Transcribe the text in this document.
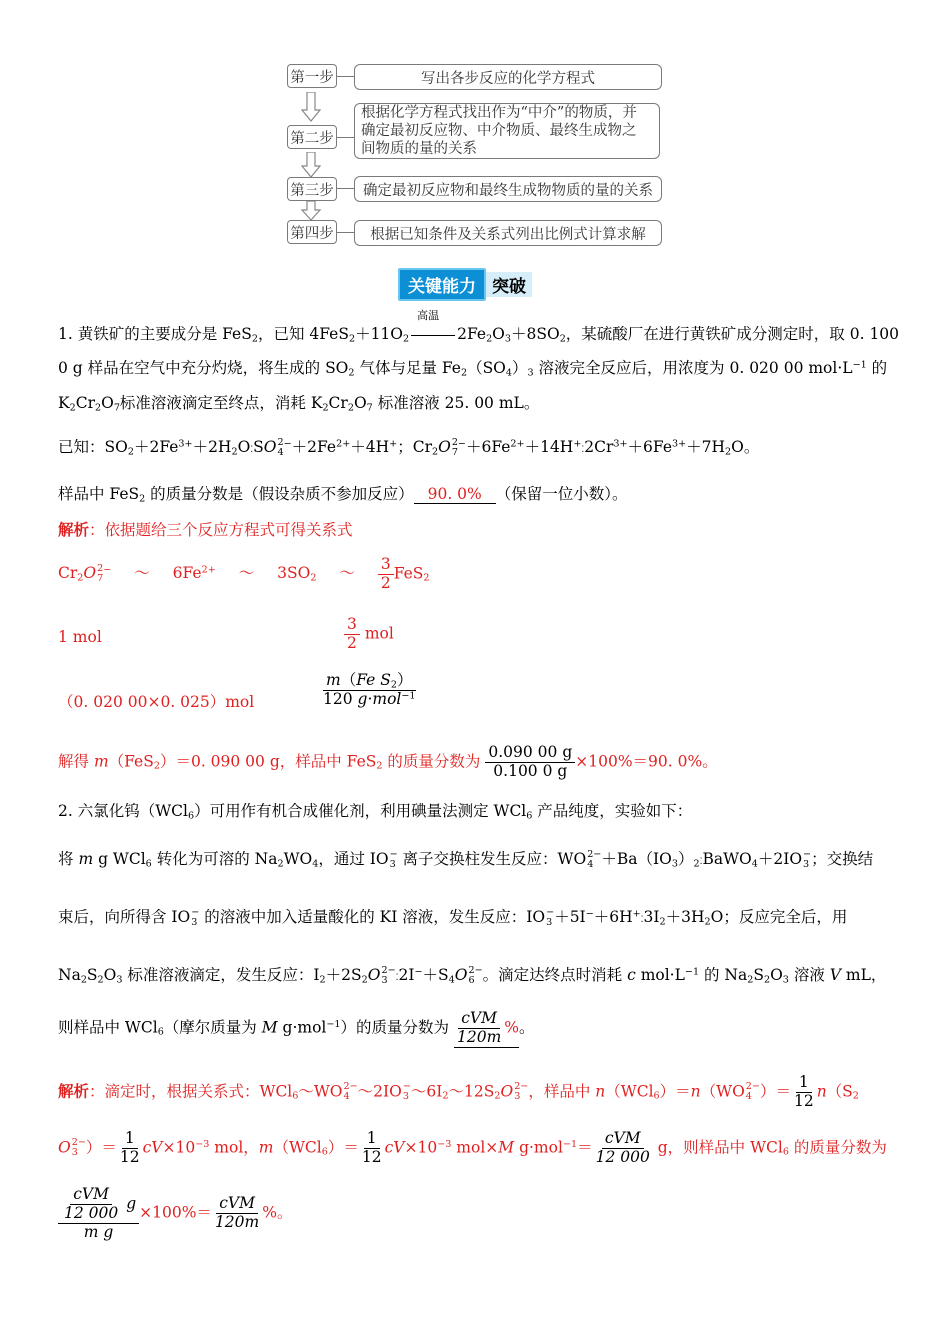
第一步	写出各步反应的化学方程式
第二步
根据化学方程式找出作为“中介”的物质，并
确定最初反应物、中介物质、最终生成物之
间物质的量的关系
第三步	确定最初反应物和最终生成物物质的量的关系
第四步	根据已知条件及关系式列出比例式计算求解
关键能力 突破
1. 黄铁矿的主要成分是 FeS$_2$，已知 $4FeS_2+11O_2$
高温
$2Fe_2O_3+8SO_2$，某硫酸厂在进行黄铁矿成分测定时，取 0. 100
0 g 样品在空气中充分灼烧，将生成的 $SO_2$ 气体与足量 $Fe_2(SO_4)_3$ 溶液完全反应后，用浓度为 0. 020 00 $mol\cdot L^{-1}$ 的
$K_2Cr_2O_7$标准溶液滴定至终点，消耗 $K_2Cr_2O_7$ 标准溶液 25. 00 mL。
已知：$SO_2+2Fe^{3+}+2H_2O⁚SO$ 2
4
$^-+2Fe^{2+}+4H^+$；$Cr_2O$ 2
7
$^-+6Fe^{2+}+14H^+⁚2Cr^{3+}+6Fe^{3+}+7H_2O$。
样品中 FeS$_2$ 的质量分数是（假设杂质不参加反应） 90. 0% （保留一位小数）。
解析：依据题给三个反应方程式可得关系式
$Cr_2O$ 2
7
− ～ $6Fe^{2+}$ ～ $3SO_2$ ～ $\frac{3}{2} FeS_2$
1 mol	$\frac{3}{2}$ mol
（0. 020 00×0. 025）mol	$\frac{m(Fe S_2)}{120 g\cdot mol^{-1}}$
解得 m（FeS$_2$）＝0. 090 00 g，样品中 FeS$_2$ 的质量分数为 $\frac{0.090 00 g}{0.100 0 g} \times 100\%=90$. 0%。
2. 六氯化钨（WCl$_6$）可用作有机合成催化剂，利用碘量法测定 WCl$_6$ 产品纯度，实验如下：
将 m g WCl$_6$ 转化为可溶的 $Na_2WO_4$，通过 IO −
3 离子交换柱发生反应：WO 2−
$4 +Ba(IO_3)_2⁚BaWO_4+2IO$ −
3 ；交换结
束后，向所得含 IO −
3 的溶液中加入适量酸化的 KI 溶液，发生反应：IO −
$3 +5I^-+6H^+⁚3I_2+3H_2O$；反应完全后，用
$Na_2S_2O_3$ 标准溶液滴定，发生反应：$I_2+2S_2O$ 2−
3 $⁚2I^-+S_4O$ 2−
6 。滴定达终点时消耗 c $mol\cdot L^{-1}$ 的 $Na_2S_2O_3$ 溶液 V mL，
则样品中 WCl$_6$（摩尔质量为 M g·mol$^{-1}$）的质量分数为 $\frac{\text{cVM}}{120m}$ %。
解析：滴定时，根据关系式：WCl$_6$～WO 2−
4 ～2IO −
3 $\sim 6I_2\sim 12S_2O$ 2−
3 ，样品中 n（WCl$_6$）＝n（WO 2−
4 ）＝ $\frac{1}{12} n(S_2$
O 2−
3 ）＝ $\frac{1}{12} cV\times 10^{-3}$ mol，$m(WCl_6)= \frac{1}{12} cV\times 10^{-3}$ mol×M $g\cdot mol^{-1}= \frac{\text{cVM}}{12 000}$ g，则样品中 WCl$_6$ 的质量分数为
$\frac{\frac{\text{cVM}}{12 000} g}{\text{m g}} \times 100\%= \frac{\text{cVM}}{120m}$ %。
